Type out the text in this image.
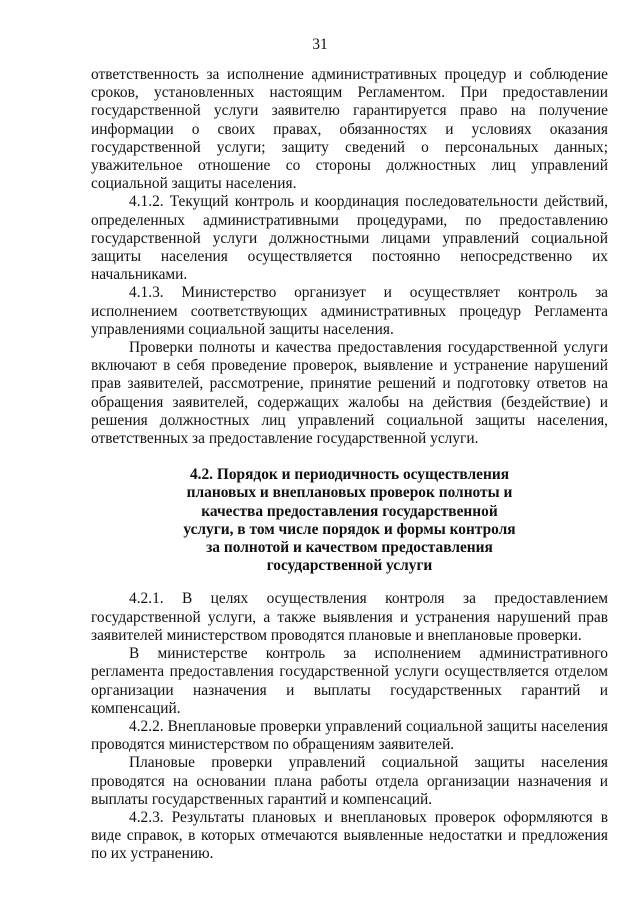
31

ответственность за исполнение административных процедур и соблюдение сроков, установленных настоящим Регламентом. При предоставлении государственной услуги заявителю гарантируется право на получение информации о своих правах, обязанностях и условиях оказания государственной услуги; защиту сведений о персональных данных; уважительное отношение со стороны должностных лиц управлений социальной защиты населения.

4.1.2. Текущий контроль и координация последовательности действий, определенных административными процедурами, по предоставлению государственной услуги должностными лицами управлений социальной защиты населения осуществляется постоянно непосредственно их начальниками.

4.1.3. Министерство организует и осуществляет контроль за исполнением соответствующих административных процедур Регламента управлениями социальной защиты населения.

Проверки полноты и качества предоставления государственной услуги включают в себя проведение проверок, выявление и устранение нарушений прав заявителей, рассмотрение, принятие решений и подготовку ответов на обращения заявителей, содержащих жалобы на действия (бездействие) и решения должностных лиц управлений социальной защиты населения, ответственных за предоставление государственной услуги.

4.2. Порядок и периодичность осуществления
плановых и внеплановых проверок полноты и
качества предоставления государственной
услуги, в том числе порядок и формы контроля
за полнотой и качеством предоставления
государственной услуги

4.2.1. В целях осуществления контроля за предоставлением государственной услуги, а также выявления и устранения нарушений прав заявителей министерством проводятся плановые и внеплановые проверки.

В министерстве контроль за исполнением административного регламента предоставления государственной услуги осуществляется отделом организации назначения и выплаты государственных гарантий и компенсаций.

4.2.2. Внеплановые проверки управлений социальной защиты населения проводятся министерством по обращениям заявителей.

Плановые проверки управлений социальной защиты населения проводятся на основании плана работы отдела организации назначения и выплаты государственных гарантий и компенсаций.

4.2.3. Результаты плановых и внеплановых проверок оформляются в виде справок, в которых отмечаются выявленные недостатки и предложения по их устранению.
